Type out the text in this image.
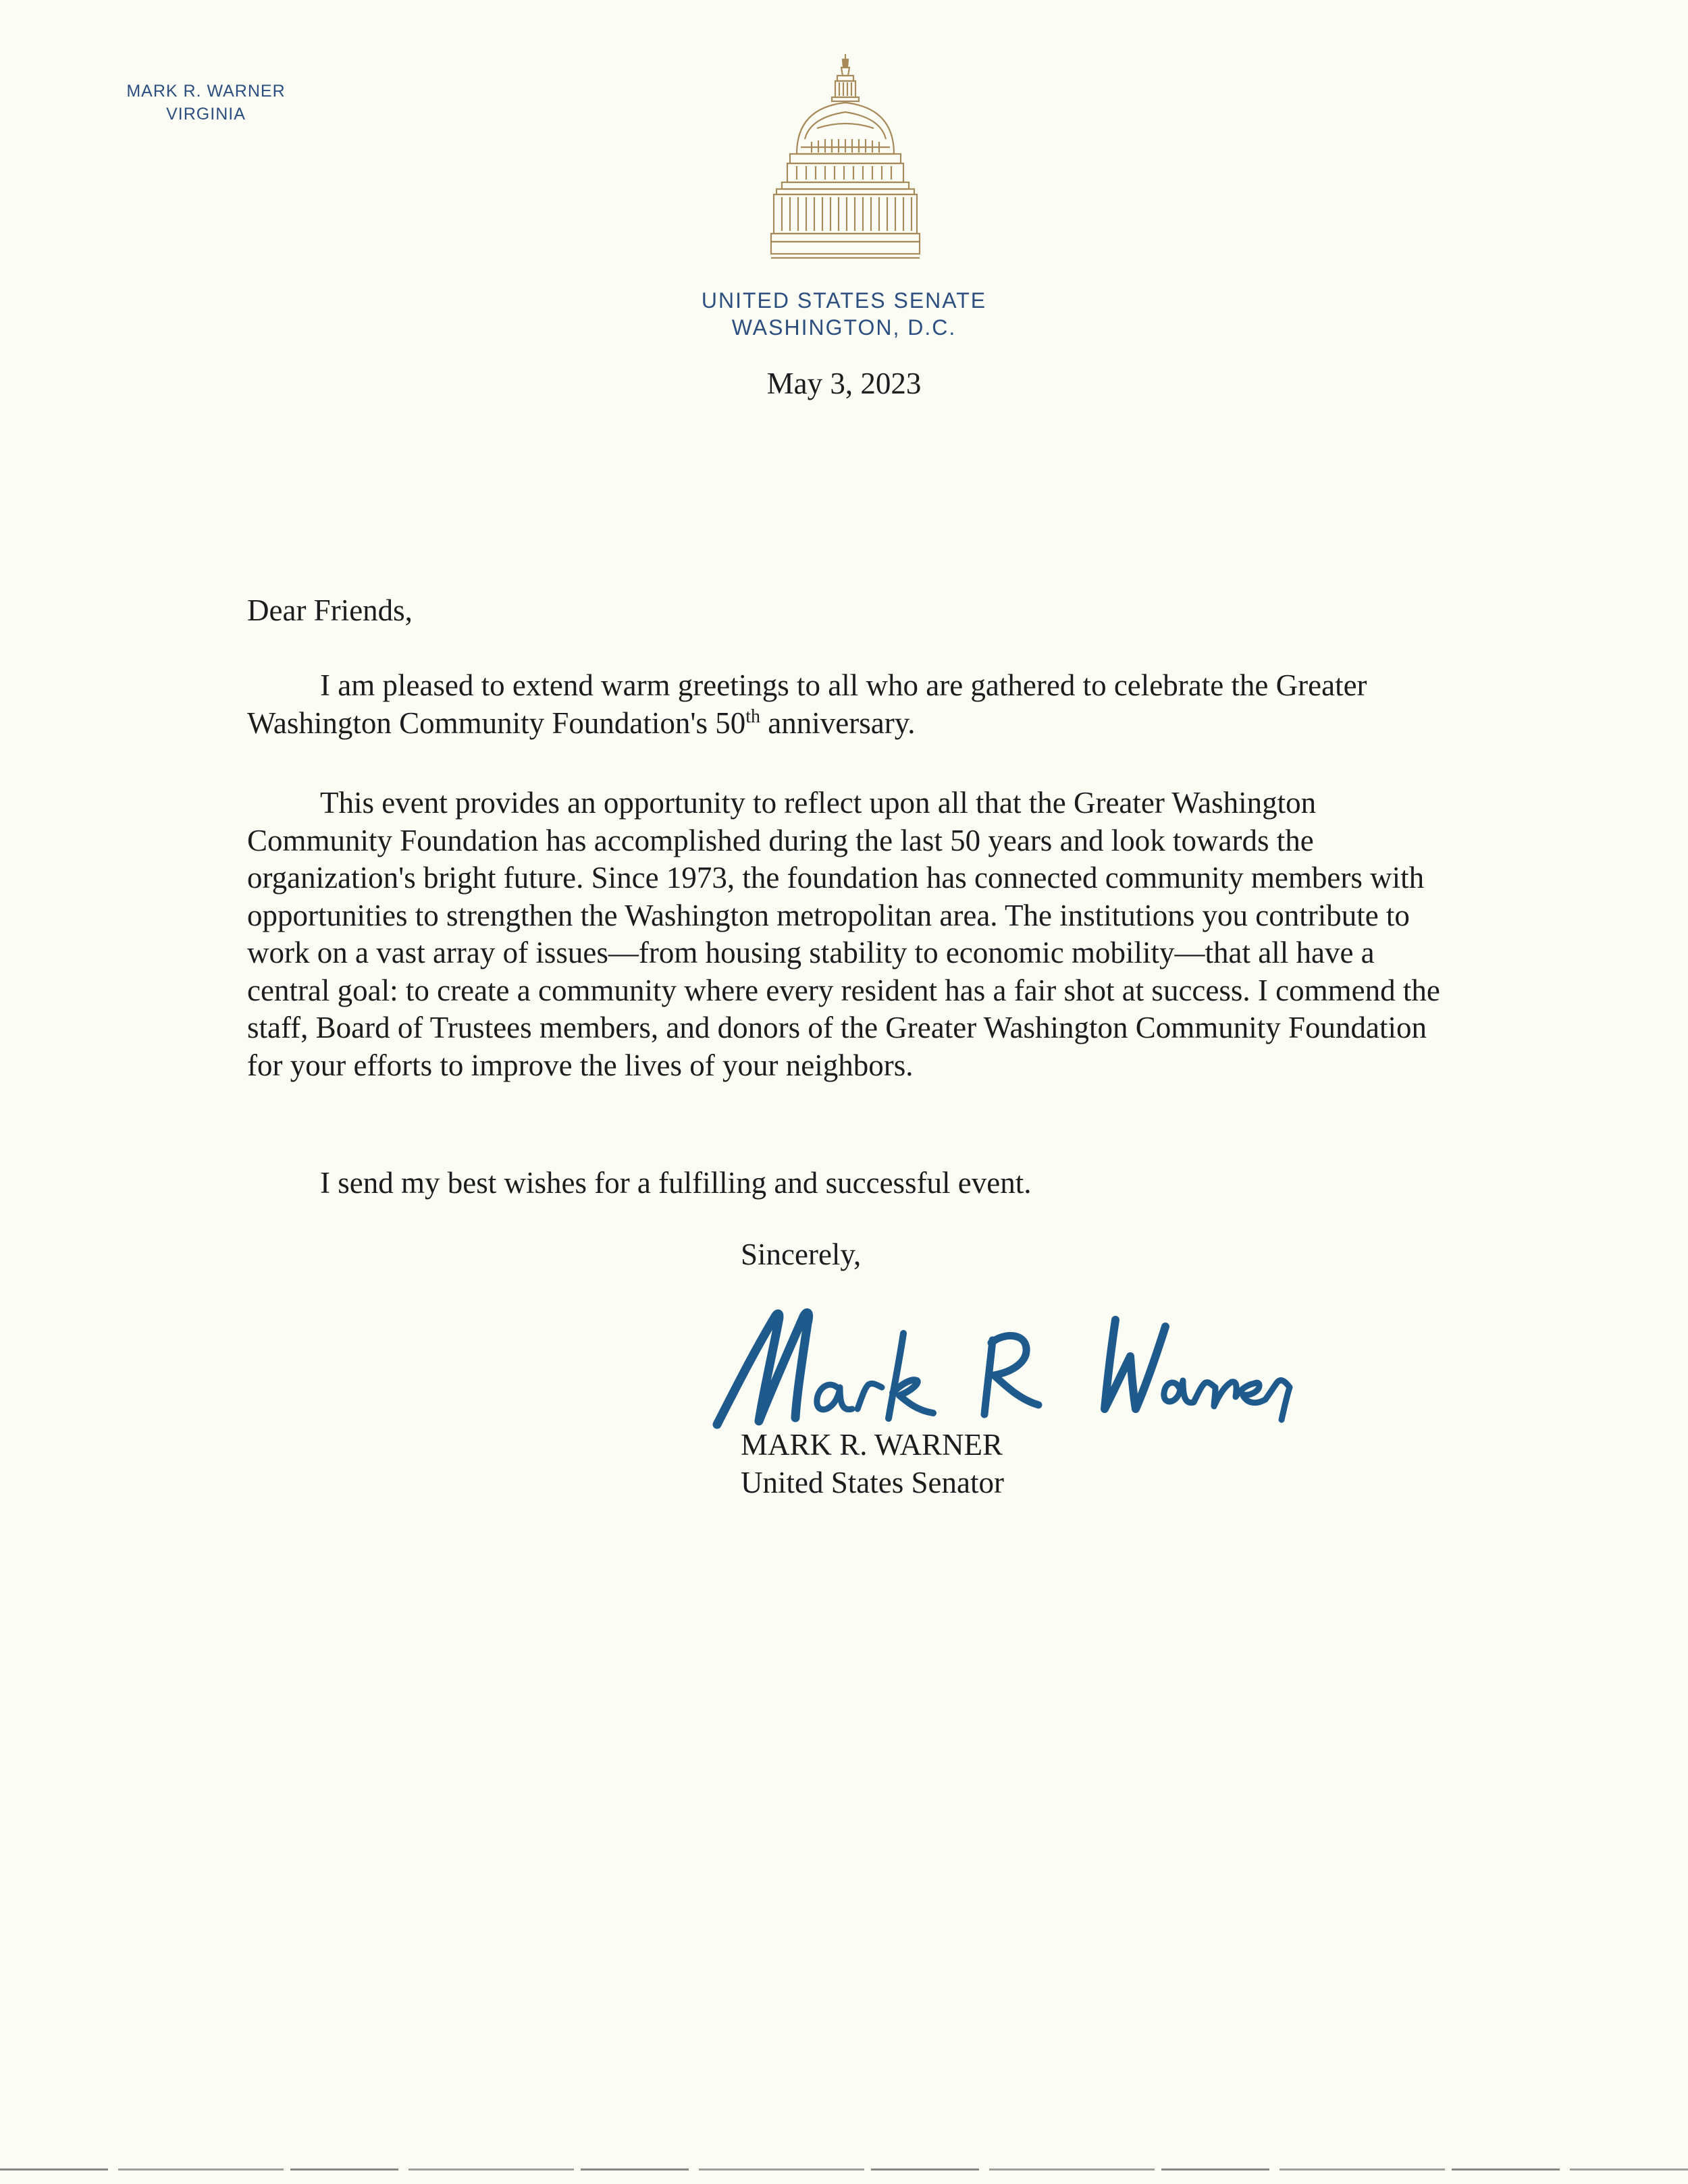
MARK R. WARNER
VIRGINIA
UNITED STATES SENATE
WASHINGTON, D.C.
May 3, 2023
Dear Friends,

I am pleased to extend warm greetings to all who are gathered to celebrate the Greater Washington Community Foundation's 50th anniversary.

This event provides an opportunity to reflect upon all that the Greater Washington Community Foundation has accomplished during the last 50 years and look towards the organization's bright future. Since 1973, the foundation has connected community members with opportunities to strengthen the Washington metropolitan area. The institutions you contribute to work on a vast array of issues—from housing stability to economic mobility—that all have a central goal: to create a community where every resident has a fair shot at success. I commend the staff, Board of Trustees members, and donors of the Greater Washington Community Foundation for your efforts to improve the lives of your neighbors.

I send my best wishes for a fulfilling and successful event.

Sincerely,
MARK R. WARNER
United States Senator
